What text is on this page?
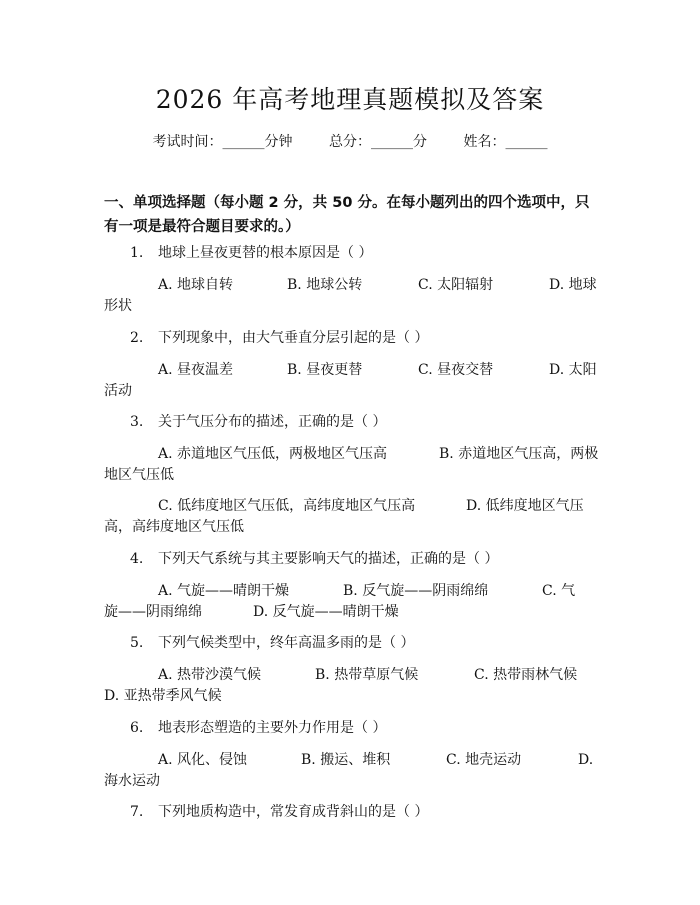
2026 年高考地理真题模拟及答案
考试时间：______分钟	总分：______分	姓名：______
一、单项选择题（每小题 2 分，共 50 分。在每小题列出的四个选项中，只有一项是最符合题目要求的。）
1. 地球上昼夜更替的根本原因是（ ）
A. 地球自转	B. 地球公转	C. 太阳辐射	D. 地球
形状
2. 下列现象中，由大气垂直分层引起的是（ ）
A. 昼夜温差	B. 昼夜更替	C. 昼夜交替	D. 太阳
活动
3. 关于气压分布的描述，正确的是（ ）
A. 赤道地区气压低，两极地区气压高	B. 赤道地区气压高，两极
地区气压低
C. 低纬度地区气压低，高纬度地区气压高	D. 低纬度地区气压
高，高纬度地区气压低
4. 下列天气系统与其主要影响天气的描述，正确的是（ ）
A. 气旋——晴朗干燥	B. 反气旋——阴雨绵绵	C. 气
旋——阴雨绵绵	D. 反气旋——晴朗干燥
5. 下列气候类型中，终年高温多雨的是（ ）
A. 热带沙漠气候	B. 热带草原气候	C. 热带雨林气候
D. 亚热带季风气候
6. 地表形态塑造的主要外力作用是（ ）
A. 风化、侵蚀	B. 搬运、堆积	C. 地壳运动	D.
海水运动
7. 下列地质构造中，常发育成背斜山的是（ ）
